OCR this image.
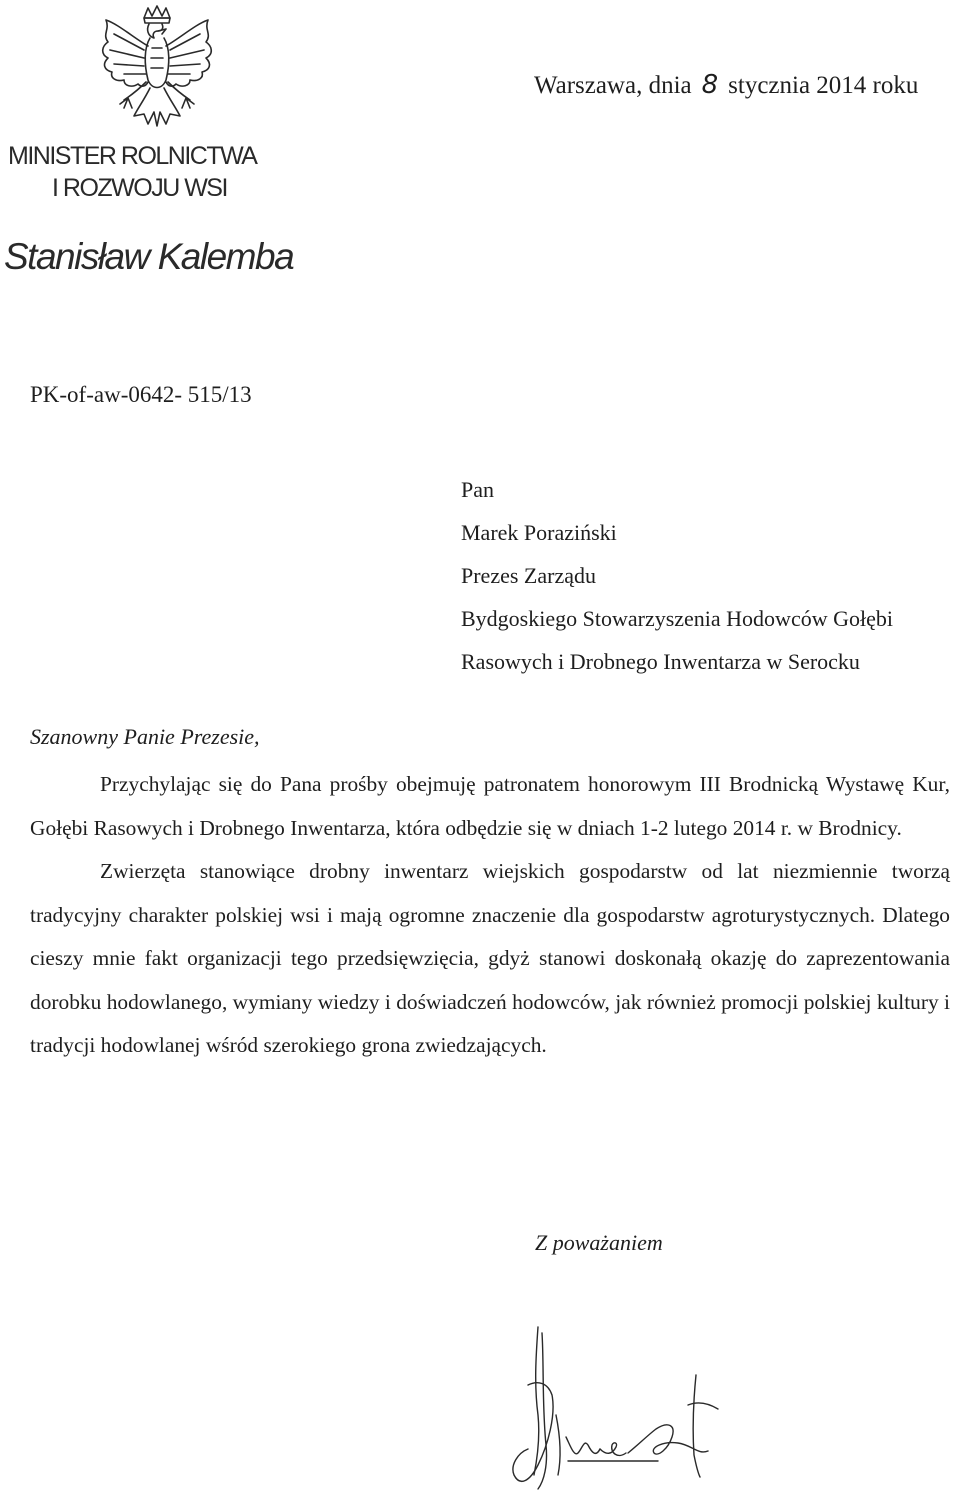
Warszawa, dnia 8 stycznia 2014 roku
MINISTER ROLNICTWA
I ROZWOJU WSI
Stanisław Kalemba
PK-of-aw-0642- 515/13
Pan
Marek Poraziński
Prezes Zarządu
Bydgoskiego Stowarzyszenia Hodowców Gołębi
Rasowych i Drobnego Inwentarza w Serocku
Szanowny Panie Prezesie,

Przychylając się do Pana prośby obejmuję patronatem honorowym III Brodnicką Wystawę Kur, Gołębi Rasowych i Drobnego Inwentarza, która odbędzie się w dniach 1-2 lutego 2014 r. w Brodnicy.

Zwierzęta stanowiące drobny inwentarz wiejskich gospodarstw od lat niezmiennie tworzą tradycyjny charakter polskiej wsi i mają ogromne znaczenie dla gospodarstw agroturystycznych. Dlatego cieszy mnie fakt organizacji tego przedsięwzięcia, gdyż stanowi doskonałą okazję do zaprezentowania dorobku hodowlanego, wymiany wiedzy i doświadczeń hodowców, jak również promocji polskiej kultury i tradycji hodowlanej wśród szerokiego grona zwiedzających.

Z poważaniem
